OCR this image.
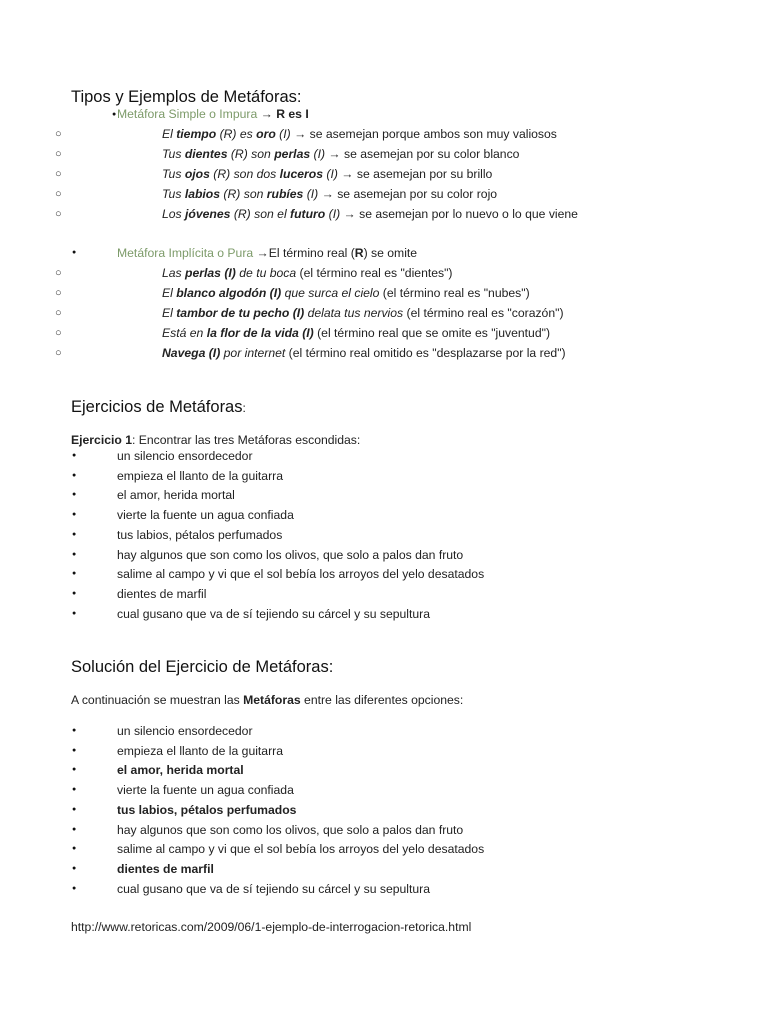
Tipos y Ejemplos de Metáforas:
● Metáfora Simple o Impura → R es I
○	El tiempo (R) es oro (I) → se asemejan porque ambos son muy valiosos
○	Tus dientes (R) son perlas (I) → se asemejan por su color blanco
○	Tus ojos (R) son dos luceros (I) → se asemejan por su brillo
○	Tus labios (R) son rubíes (I) → se asemejan por su color rojo
○	Los jóvenes (R) son el futuro (I) → se asemejan por lo nuevo o lo que viene
●	Metáfora Implícita o Pura →El término real (R) se omite
○	Las perlas (I) de tu boca (el término real es "dientes")
○	El blanco algodón (I) que surca el cielo (el término real es "nubes")
○	El tambor de tu pecho (I) delata tus nervios (el término real es "corazón")
○	Está en la flor de la vida (I) (el término real que se omite es "juventud")
○	Navega (I) por internet (el término real omitido es "desplazarse por la red")
Ejercicios de Metáforas:
Ejercicio 1: Encontrar las tres Metáforas escondidas:
●	un silencio ensordecedor
●	empieza el llanto de la guitarra
●	el amor, herida mortal
●	vierte la fuente un agua confiada
●	tus labios, pétalos perfumados
●	hay algunos que son como los olivos, que solo a palos dan fruto
●	salime al campo y vi que el sol bebía los arroyos del yelo desatados
●	dientes de marfil
●	cual gusano que va de sí tejiendo su cárcel y su sepultura
Solución del Ejercicio de Metáforas:
A continuación se muestran las Metáforas entre las diferentes opciones:
●	un silencio ensordecedor
●	empieza el llanto de la guitarra
●	el amor, herida mortal
●	vierte la fuente un agua confiada
●	tus labios, pétalos perfumados
●	hay algunos que son como los olivos, que solo a palos dan fruto
●	salime al campo y vi que el sol bebía los arroyos del yelo desatados
●	dientes de marfil
●	cual gusano que va de sí tejiendo su cárcel y su sepultura
http://www.retoricas.com/2009/06/1-ejemplo-de-interrogacion-retorica.html
